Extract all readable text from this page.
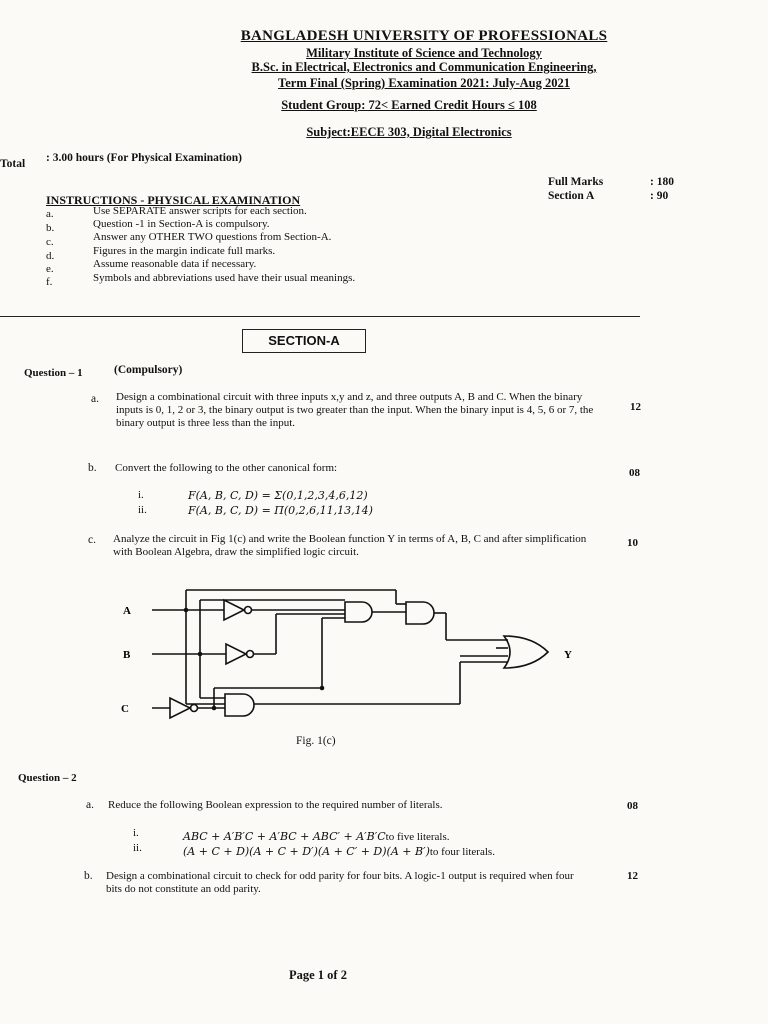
BANGLADESH UNIVERSITY OF PROFESSIONALS
Military Institute of Science and Technology
B.Sc. in Electrical, Electronics and Communication Engineering,
Term Final (Spring) Examination 2021: July-Aug 2021
Student Group: 72< Earned Credit Hours ≤ 108
Subject:EECE 303, Digital Electronics
Total : 3.00 hours (For Physical Examination)
Full Marks	: 180
Section A	: 90
INSTRUCTIONS - PHYSICAL EXAMINATION
a.	Use SEPARATE answer scripts for each section.
b.	Question -1 in Section-A is compulsory.
c.	Answer any OTHER TWO questions from Section-A.
d.	Figures in the margin indicate full marks.
e.	Assume reasonable data if necessary.
f.	Symbols and abbreviations used have their usual meanings.
SECTION-A
Question – 1	(Compulsory)
a. Design a combinational circuit with three inputs x,y and z, and three outputs A, B and C. When the binary inputs is 0, 1, 2 or 3, the binary output is two greater than the input. When the binary input is 4, 5, 6 or 7, the binary output is three less than the input.
12
b. Convert the following to the other canonical form:	08
i.	F(A, B, C, D) = Σ(0,1,2,3,4,6,12)
ii.	F(A, B, C, D) = Π(0,2,6,11,13,14)
c. Analyze the circuit in Fig 1(c) and write the Boolean function Y in terms of A, B, C and after simplification with Boolean Algebra, draw the simplified logic circuit.
10
A
B
C
Y
Fig. 1(c)
Question – 2
a. Reduce the following Boolean expression to the required number of literals.	08
i.	ABC + A′B′C + A′BC + ABC′ + A′B′Cto five literals.
ii.	(A + C + D)(A + C + D′)(A + C′ + D)(A + B′)to four literals.
b. Design a combinational circuit to check for odd parity for four bits. A logic-1 output is required when four bits do not constitute an odd parity.
12
Page 1 of 2
